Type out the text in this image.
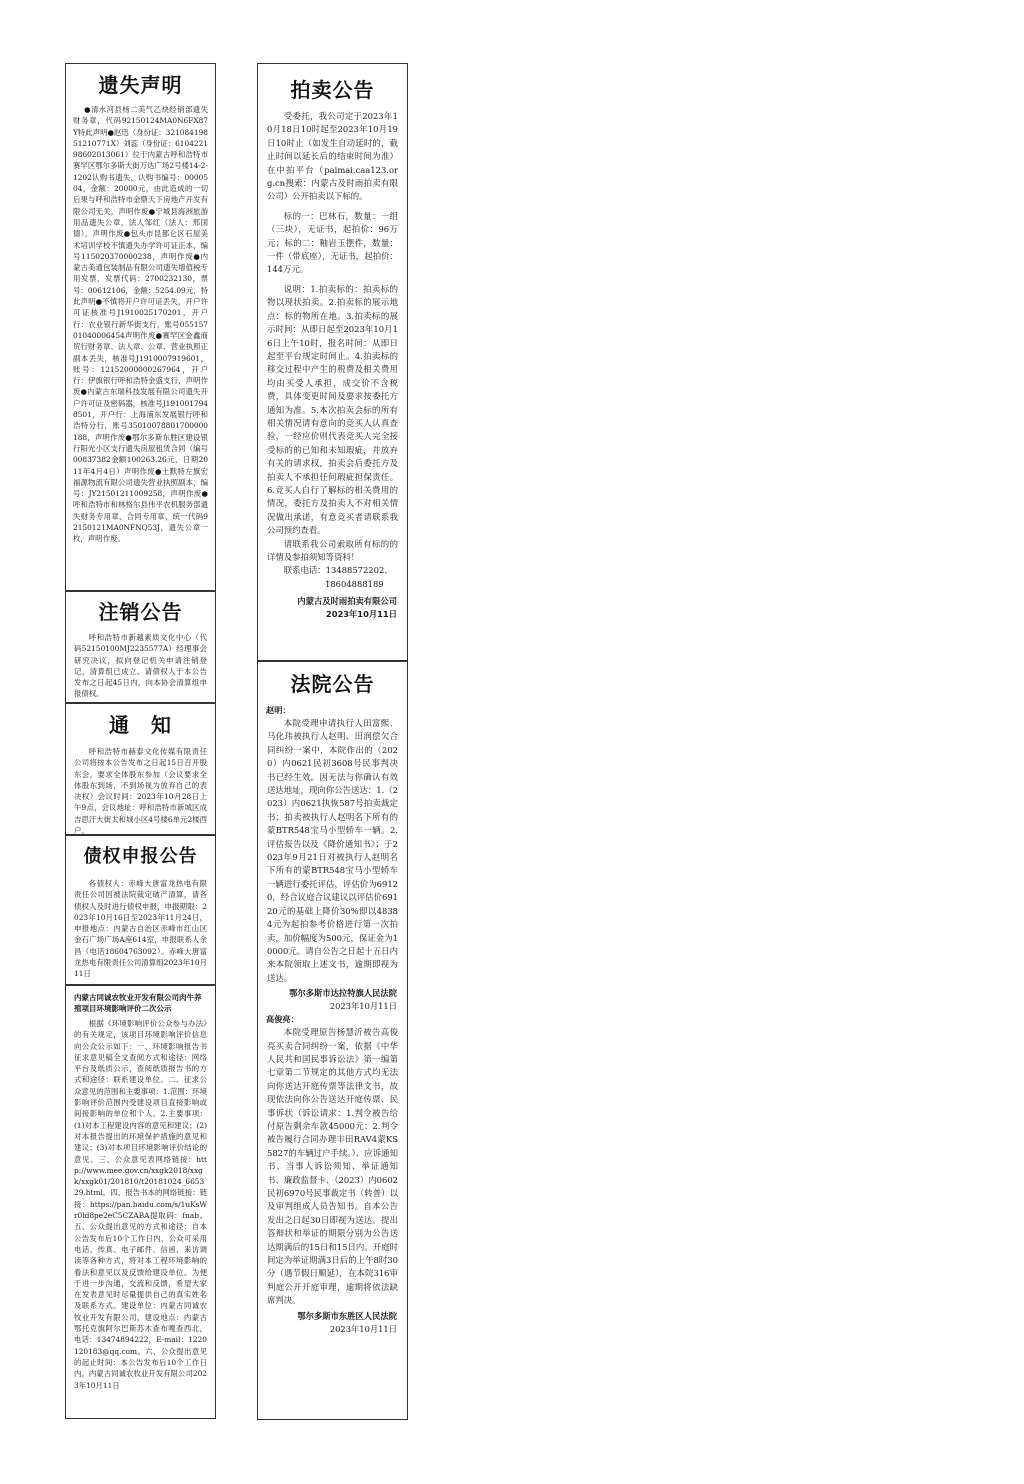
遗失声明

●清水河县杨二美气乙炔经销部遗失财务章，代码92150124MA0N6FX87Y特此声明●赵迅（身份证：32108419851210771X）刘蕊（身份证：610422198602013061）位于内蒙古呼和浩特市赛罕区鄂尔多斯大街万达广场2号楼14-2-1202认购书遗失，认购书编号：0000504，金额：20000元，由此造成的一切后果与呼和浩特市金鼎天下房地产开发有限公司无关，声明作废●宁城县海洲旅游用品遗失公章，法人邹红（法人：邢国德），声明作废●包头市昆都仑区石屋美术培训学校不慎遗失办学许可证正本，编号115020370000238，声明作废●内蒙古美通包装制品有限公司遗失增值税专用发票，发票代码：2700232130，票号：00612106，金额：5254.09元，特此声明●不慎将开户许可证丢失，开户许可证核准号J1910025170201，开户行：农业银行新华街支行，账号05515701040006454声明作废●赛罕区金鑫商贸行财务章、法人章、公章、营业执照正副本丢失，核准号J1910007919601，账号：12152000000267964，开户行：伊旗银行呼和浩特金盛支行，声明作废●内蒙古东瑞科技发展有限公司遗失开户许可证及密码器，核准号J1910017948501，开户行：上海浦东发展银行呼和浩特分行，账号35010078801700000188，声明作废●鄂尔多斯东胜区建设银行阳光小区支行遗失房屋租赁合同（编号00837382金额100263.26元，日期2011年4月4日）声明作废●土默特左旗宏福源物流有限公司遗失营业执照副本，编号：JY21501211009258，声明作废●呼和浩特市和林格尔县伟平农机服务部遗失财务专用章、合同专用章，统一代码92150121MA0NFNQ53J，遗失公章一枚，声明作废。

注销公告

呼和浩特市新越素质文化中心（代码52150100MJ2235577A）经理事会研究决议，拟向登记机关申请注销登记，清算组已成立。请债权人于本公告发布之日起45日内，向本协会清算组申报债权。

通　知

呼和浩特市赫泰文化传媒有限责任公司将按本公告发布之日起15日召开股东会，要求全体股东参加（会议要求全体股东到场，不到场视为放弃自己的表决权）会议时间：2023年10月28日上午9点，会议地址：呼和浩特市新城区成吉思汗大街太和城小区4号楼6单元2楼西户。

债权申报公告

各债权人：赤峰大唐富龙热电有限责任公司因被法院裁定破产清算，请各债权人及时进行债权申报，申报期限：2023年10月16日至2023年11月24日，申报地点：内蒙古自治区赤峰市红山区金石广场广场A座614室，申报联系人余昌（电话18604763092）。赤峰大唐富龙热电有限责任公司清算组2023年10月11日

内蒙古同诚农牧业开发有限公司肉牛养殖项目环境影响评价二次公示

根据《环境影响评价公众参与办法》的有关规定，该项目环境影响评价信息向公众公示如下：一、环境影响报告书征求意见稿全文查阅方式和途径：网络平台及纸质公示，查阅纸质报告书的方式和途径：联系建设单位。二、征求公众意见的范围和主要事项：1.范围：环境影响评价范围内受建设项目直接影响或间接影响的单位和个人。2.主要事项：(1)对本工程建设内容的意见和建议；(2)对本报告提出的环境保护措施的意见和建议；(3)对本项目环境影响评价结论的意见。三、公众意见表网络链接：http://www.mee.gov.cn/xxgk2018/xxgk/xxgk01/201810/t20181024_665329.html。四、报告书本的网络链接：链接：https://pan.baidu.com/s/1uKsWr0ld8pe2eC5CZABA提取码：fnab。五、公众提出意见的方式和途径：自本公告发布后10个工作日内，公众可采用电话、传真、电子邮件、信函、来访调读等各种方式，将对本工程环境影响的看法和意见以及反馈给建设单位。为便于进一步沟通，交流和反馈，希望大家在发表意见时尽量提供自己的真实姓名及联系方式。建设单位：内蒙古同诚农牧业开发有限公司，建设地点：内蒙古鄂托克旗阿尔巴斯苏木查布嘎查西北，电话：13474894222，E-mail：1220120183@qq.com。六、公众提出意见的起止时间：本公告发布后10个工作日内。内蒙古同诚农牧业开发有限公司2023年10月11日

拍卖公告

受委托，我公司定于2023年10月18日10时起至2023年10月19日10时止（如发生自动延时的，截止时间以延长后的结束时间为准）在中拍平台（paimai.caa123.org.cn搜索：内蒙古及时雨拍卖有限公司）公开拍卖以下标的。

标的一：巴林石，数量：一组（三块），无证书，起拍价：96万元；标的二：釉岩玉摆件，数量：一件（带底座），无证书，起拍价：144万元。

说明：1.拍卖标的：拍卖标的物以现状拍卖。2.拍卖标的展示地点：标的物所在地。3.拍卖标的展示时间：从即日起至2023年10月16日上午10时，报名时间：从即日起至平台规定时间止。4.拍卖标的移交过程中产生的税费及相关费用均由买受人承担，成交价不含税费，具体变更时间及要求按委托方通知为准。5.本次拍卖会标的所有相关情况请有意向的竞买人认真查验，一经应价则代表竞买人完全接受标的的已知和未知瑕疵，并放弃有关的请求权，拍卖会后委托方及拍卖人不承担任何瑕疵担保责任。6.竞买人自行了解标的相关费用的情况，委托方及拍卖人不对相关情况做出承诺，有意竞买者请联系我公司预约查看。

请联系我公司索取所有标的的详情及参拍须知等资料！

联系电话：13488572202、

18604888189
内蒙古及时雨拍卖有限公司
2023年10月11日
法院公告
赵明：

本院受理申请执行人田富熙、马化玮被执行人赵明、田润偿欠合同纠纷一案中，本院作出的（2020）内0621民初3608号民事判决书已经生效。因无法与你确认有效送达地址，现向你公告送达：1.（2023）内0621执恢587号拍卖裁定书；拍卖被执行人赵明名下所有的蒙BTR548宝马小型轿车一辆。2.评估报告以及《降价通知书》；于2023年9月21日对被执行人赵明名下所有的蒙BTR548宝马小型轿车一辆进行委托评估，评估价为69120，经合议庭合议建议以评估价69120元的基础上降价30%即以48384元为起拍参考价格进行第一次拍卖，加价幅度为500元，保证金为10000元。请自公告之日起十五日内来本院领取上述文书，逾期即视为送达。

鄂尔多斯市达拉特旗人民法院
2023年10月11日
高俊亮：

本院受理原告杨慧沂被告高俊亮买卖合同纠纷一案，依据《中华人民共和国民事诉讼法》第一编第七章第二节规定的其他方式均无法向你送达开庭传票等法律文书，故现依法向你公告送达开庭传票、民事诉状（诉讼请求：1.判令被告给付原告剩余车款45000元；2.判令被告履行合同办理丰田RAV4蒙KS5827的车辆过户手续。）、应诉通知书、当事人诉讼须知、举证通知书、廉政监督卡、（2023）内0602民初6970号民事裁定书（转普）以及审判组成人员告知书。自本公告发出之日起30日即视为送达。提出答辩状和举证的期限分别为公告送达期满后的15日和15日内。开庭时间定为举证期满3日后的上午8时30分（遇节假日顺延），在本院316审判庭公开开庭审理，逾期将依法缺席判决。

鄂尔多斯市东胜区人民法院
2023年10月11日
